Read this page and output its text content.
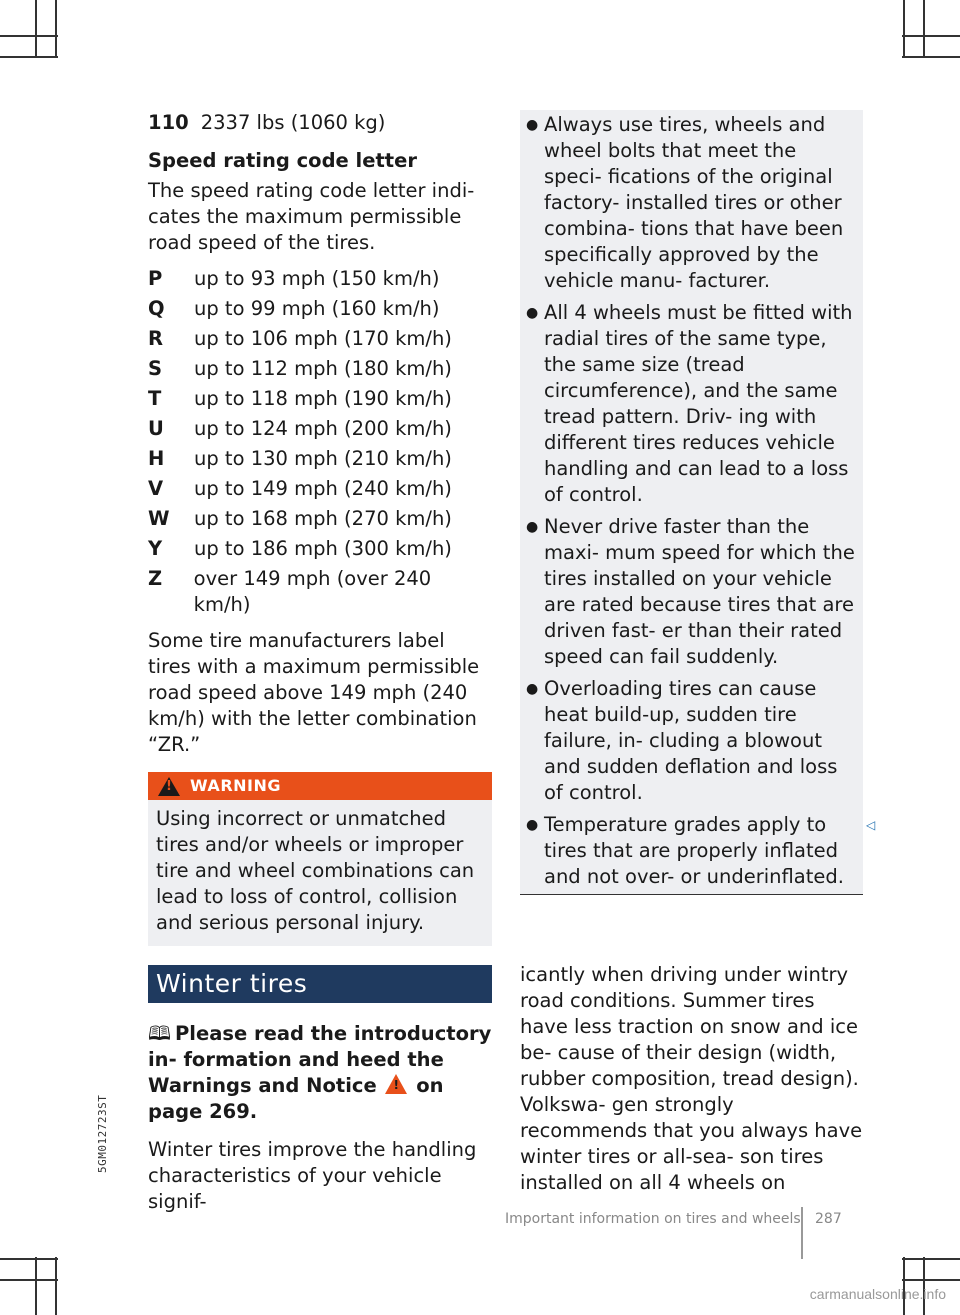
110 2337 lbs (1060 kg)
Speed rating code letter

The speed rating code letter indi- cates the maximum permissible road speed of the tires.

P	up to 93 mph (150 km/h)
Q	up to 99 mph (160 km/h)
R	up to 106 mph (170 km/h)
S	up to 112 mph (180 km/h)
T	up to 118 mph (190 km/h)
U	up to 124 mph (200 km/h)
H	up to 130 mph (210 km/h)
V	up to 149 mph (240 km/h)
W	up to 168 mph (270 km/h)
Y	up to 186 mph (300 km/h)
Z	over 149 mph (over 240 km/h)

Some tire manufacturers label tires with a maximum permissible road speed above 149 mph (240 km/h) with the letter combination “ZR.”

! WARNING
Using incorrect or unmatched tires and/or wheels or improper tire and wheel combinations can lead to loss of control, collision and serious personal injury.
● Always use tires, wheels and wheel bolts that meet the speci- fications of the original factory- installed tires or other combina- tions that have been specifically approved by the vehicle manu- facturer.
● All 4 wheels must be fitted with radial tires of the same type, the same size (tread circumference), and the same tread pattern. Driv- ing with different tires reduces vehicle handling and can lead to a loss of control.
● Never drive faster than the maxi- mum speed for which the tires installed on your vehicle are rated because tires that are driven fast- er than their rated speed can fail suddenly.
● Overloading tires can cause heat build-up, sudden tire failure, in- cluding a blowout and sudden deflation and loss of control.
● Temperature grades apply to tires that are properly inflated and not over- or underinflated.
◁
Winter tires
🕮 Please read the introductory in- formation and heed the Warnings and Notice ! on page 269.

Winter tires improve the handling characteristics of your vehicle signif-

icantly when driving under wintry road conditions. Summer tires have less traction on snow and ice be- cause of their design (width, rubber composition, tread design). Volkswa- gen strongly recommends that you always have winter tires or all-sea- son tires installed on all 4 wheels on

5GM012723ST
Important information on tires and wheels 287
carmanualsonline.info
